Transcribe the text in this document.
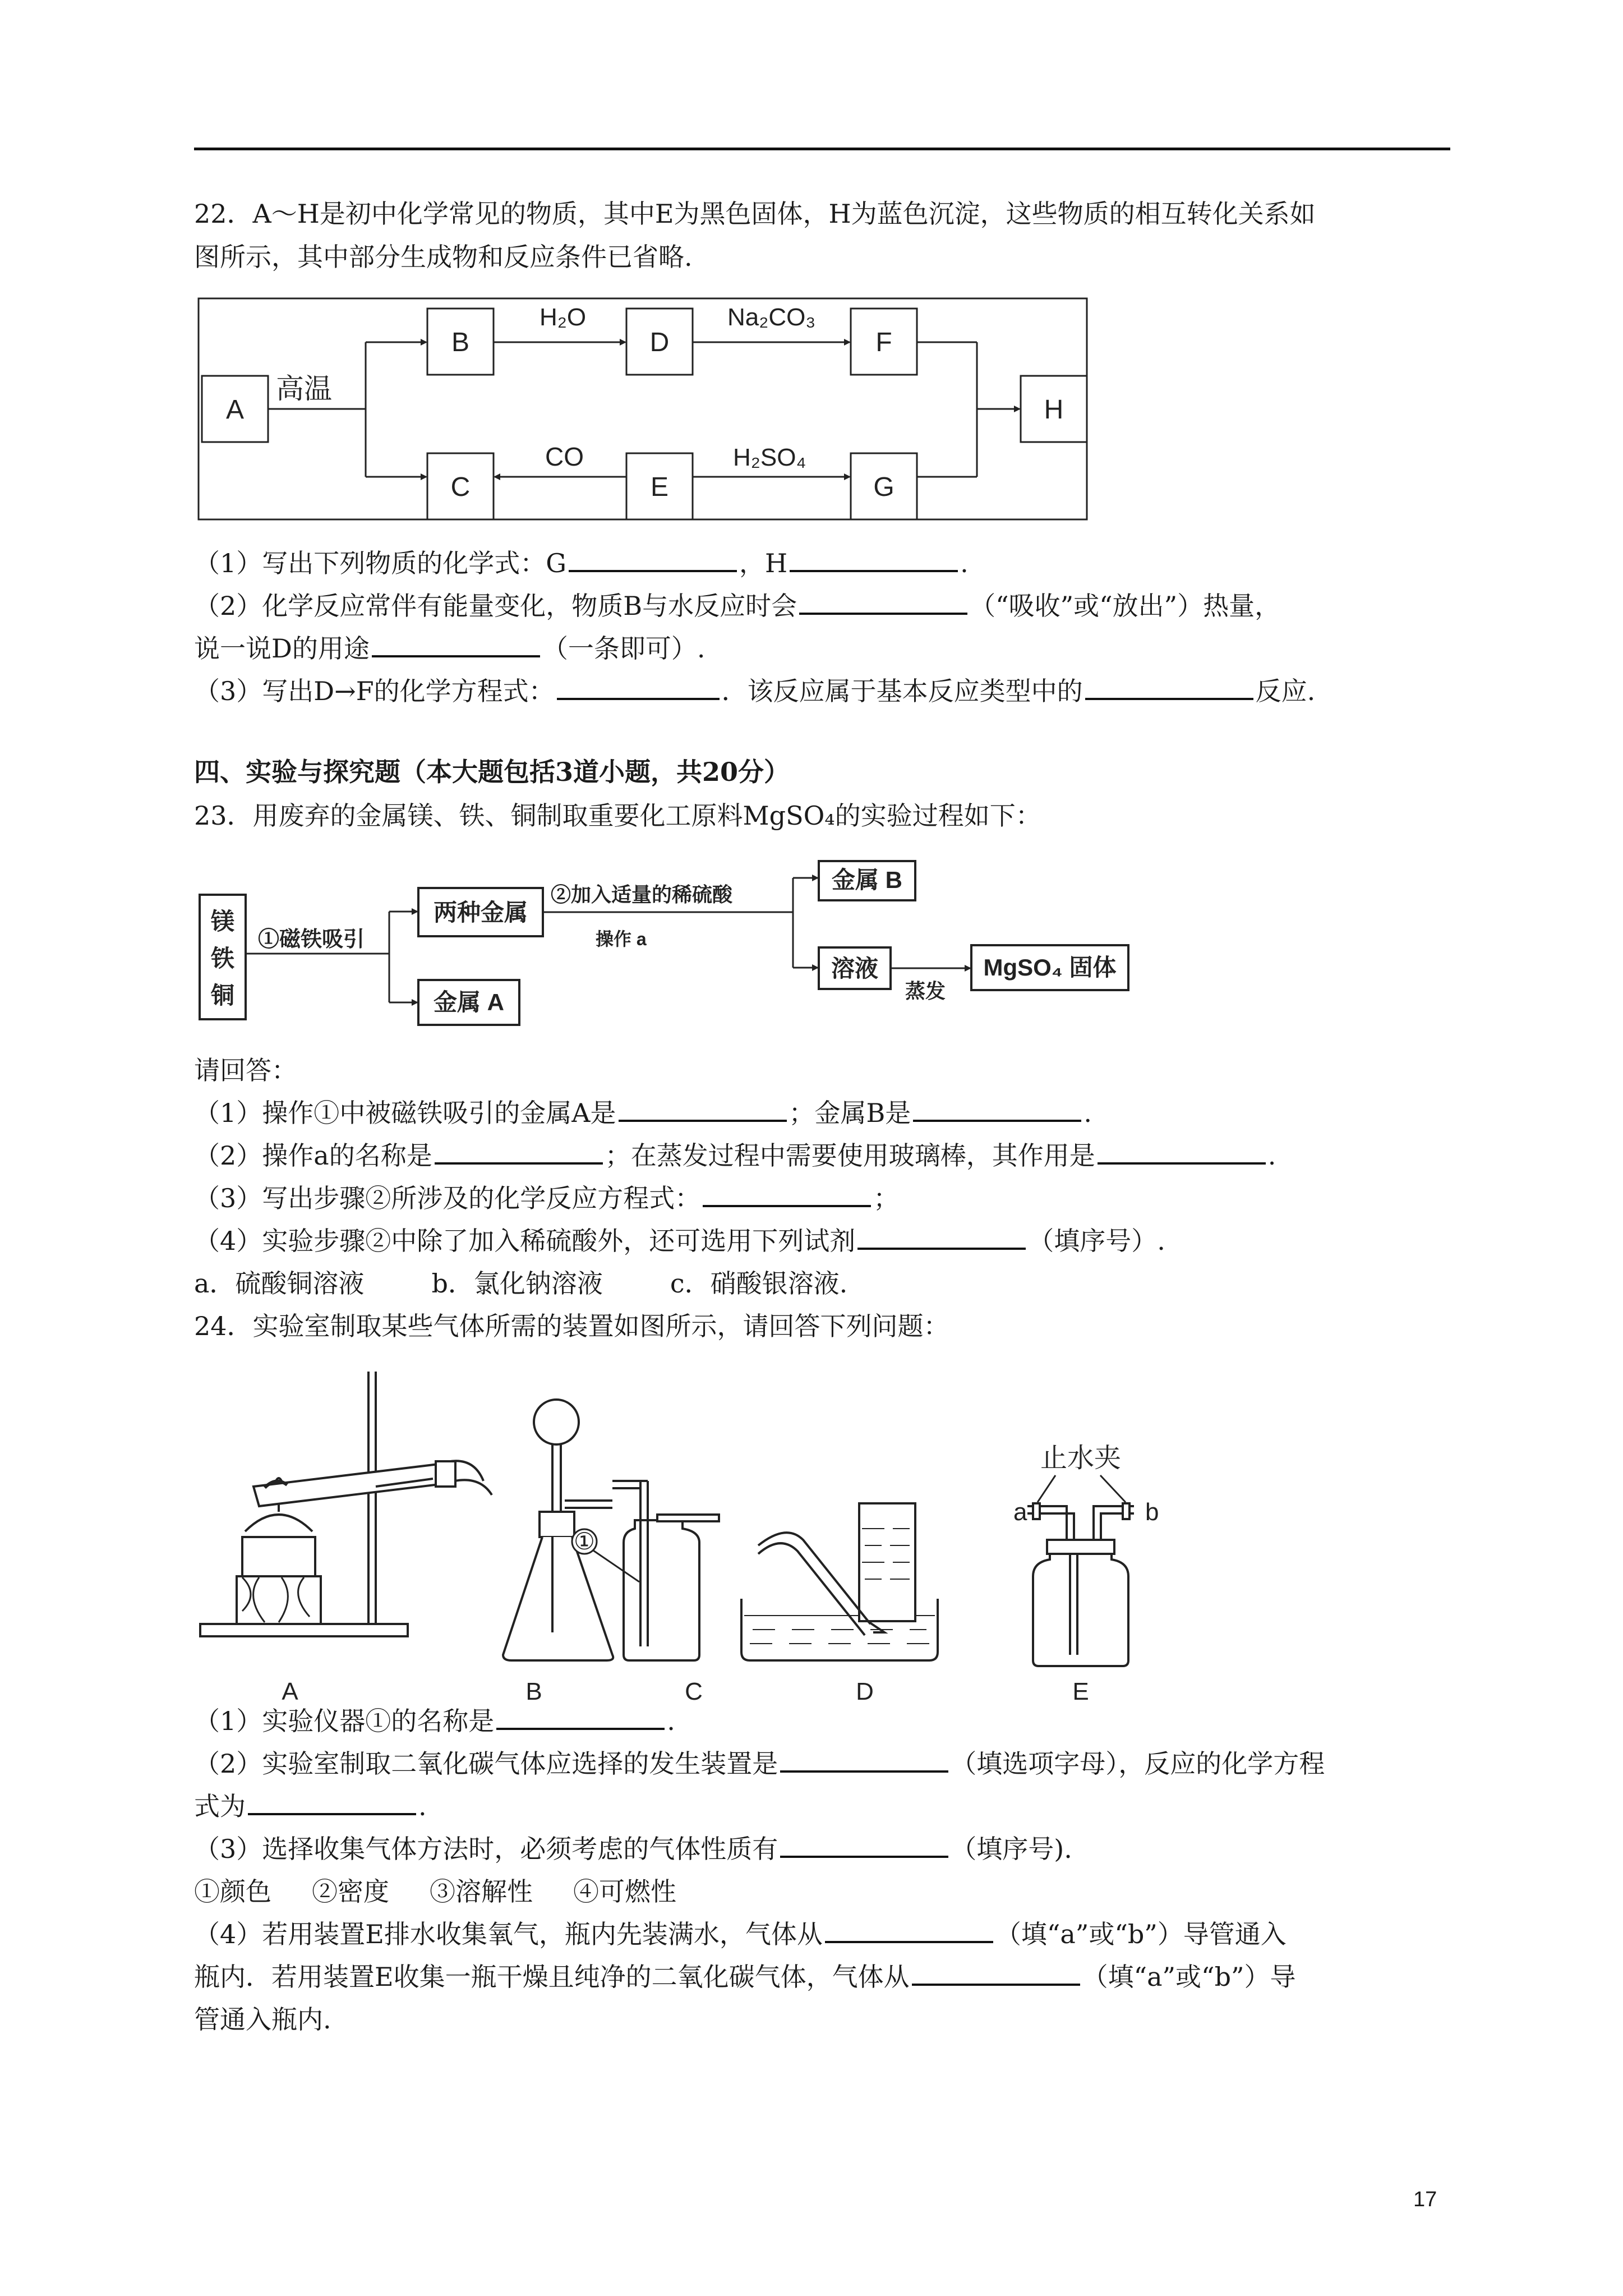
22．A～H是初中化学常见的物质，其中E为黑色固体，H为蓝色沉淀，这些物质的相互转化关系如
图所示，其中部分生成物和反应条件已省略.
A
B	D	F
C	E	G
H
高温
H₂O	Na₂CO₃
CO	H₂SO₄
（1）写出下列物质的化学式：G	，H	.
（2）化学反应常伴有能量变化，物质B与水反应时会	（“吸收”或“放出”）热量，
说一说D的用途	（一条即可）.
（3）写出D→F的化学方程式：	．该反应属于基本反应类型中的	反应.
四、实验与探究题（本大题包括3道小题，共20分）
23．用废弃的金属镁、铁、铜制取重要化工原料MgSO₄的实验过程如下：
镁
铁
铜
①磁铁吸引
两种金属
金属 A
②加入适量的稀硫酸
操作 a
金属 B
溶液
蒸发
MgSO₄ 固体
请回答：
（1）操作①中被磁铁吸引的金属A是	；金属B是	.
（2）操作a的名称是	；在蒸发过程中需要使用玻璃棒，其作用是	.
（3）写出步骤②所涉及的化学反应方程式：	；
（4）实验步骤②中除了加入稀硫酸外，还可选用下列试剂	（填序号）.
a．硫酸铜溶液	b．氯化钠溶液	c．硝酸银溶液.
24．实验室制取某些气体所需的装置如图所示，请回答下列问题：
①
止水夹
a	b
A	B	C	D	E
（1）实验仪器①的名称是	.
（2）实验室制取二氧化碳气体应选择的发生装置是	（填选项字母），反应的化学方程
式为	.
（3）选择收集气体方法时，必须考虑的气体性质有	（填序号).
①颜色 ②密度 ③溶解性 ④可燃性
（4）若用装置E排水收集氧气，瓶内先装满水，气体从	（填“a”或“b”）导管通入
瓶内．若用装置E收集一瓶干燥且纯净的二氧化碳气体，气体从	（填“a”或“b”）导
管通入瓶内.
17
